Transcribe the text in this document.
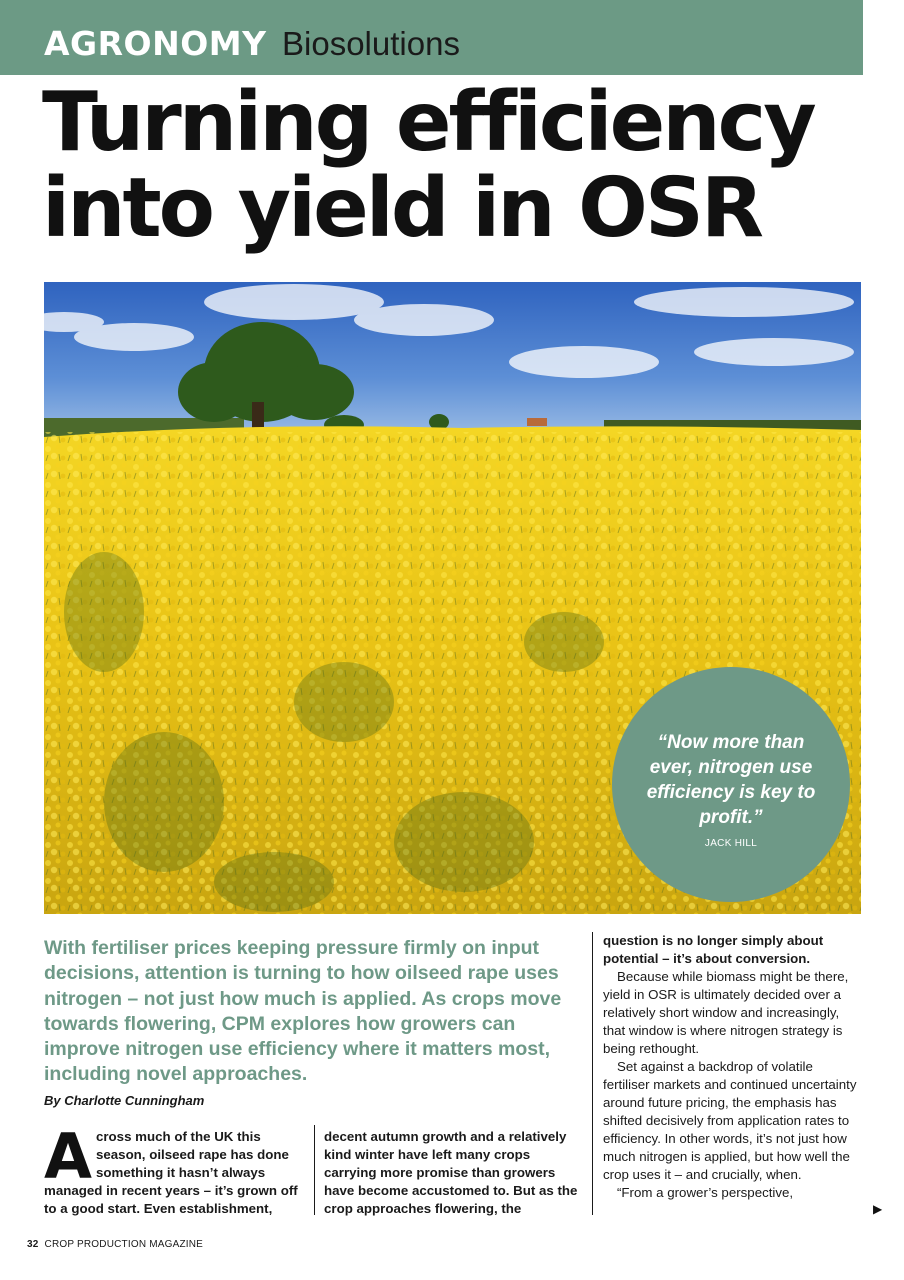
AGRONOMY Biosolutions
Turning efficiency
into yield in OSR
“Now more than ever, nitrogen use efficiency is key to profit.”
JACK HILL

With fertiliser prices keeping pressure firmly on input decisions, attention is turning to how oilseed rape uses nitrogen – not just how much is applied. As crops move towards flowering, CPM explores how growers can improve nitrogen use efficiency where it matters most, including novel approaches.

By Charlotte Cunningham
A cross much of the UK this season, oilseed rape has done something it hasn’t always managed in recent years – it’s grown off to a good start. Even establishment,

decent autumn growth and a relatively kind winter have left many crops carrying more promise than growers have become accustomed to. But as the crop approaches flowering, the

question is no longer simply about potential – it’s about conversion.

Because while biomass might be there, yield in OSR is ultimately decided over a relatively short window and increasingly, that window is where nitrogen strategy is being rethought.

Set against a backdrop of volatile fertiliser markets and continued uncertainty around future pricing, the emphasis has shifted decisively from application rates to efficiency. In other words, it’s not just how much nitrogen is applied, but how well the crop uses it – and crucially, when.

“From a grower’s perspective,

▶
32 CROP PRODUCTION MAGAZINE
